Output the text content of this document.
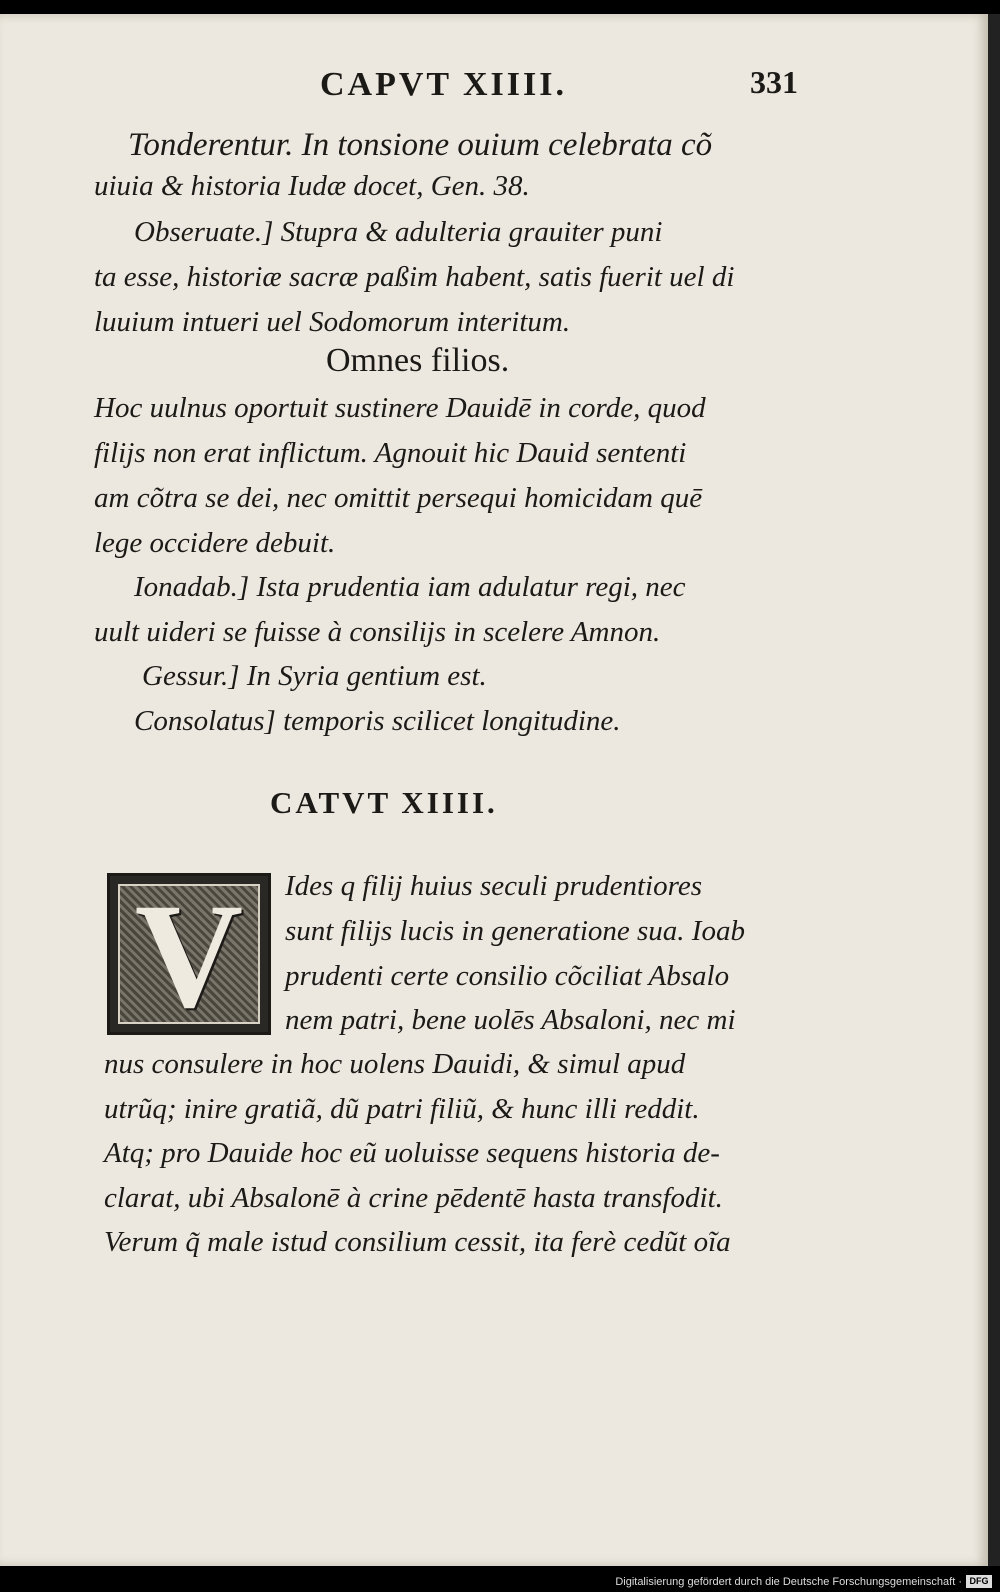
CAPVT XIIII.	331
Tonderentur. In tonsione ouium celebrata cõ
uiuia & historia Iudæ docet, Gen. 38.
Obseruate.] Stupra & adulteria grauiter puni
ta esse, historiæ sacræ paßim habent, satis fuerit uel di
luuium intueri uel Sodomorum interitum.
Omnes filios.
Hoc uulnus oportuit sustinere Dauidē in corde, quod
filijs non erat inflictum. Agnouit hic Dauid sententi
am cõtra se dei, nec omittit persequi homicidam quē
lege occidere debuit.
Ionadab.] Ista prudentia iam adulatur regi, nec
uult uideri se fuisse à consilijs in scelere Amnon.
Gessur.] In Syria gentium est.
Consolatus] temporis scilicet longitudine.
CATVT XIIII.
V	Ides q filij huius seculi prudentiores
sunt filijs lucis in generatione sua. Ioab
prudenti certe consilio cõciliat Absalo
nem patri, bene uolēs Absaloni, nec mi
nus consulere in hoc uolens Dauidi, & simul apud
utrũq; inire gratiã, dũ patri filiũ, & hunc illi reddit.
Atq; pro Dauide hoc eũ uoluisse sequens historia de-
clarat, ubi Absalonē à crine pēdentē hasta transfodit.
Verum q̃ male istud consilium cessit, ita ferè cedũt oĩa
Digitalisierung gefördert durch die Deutsche Forschungsgemeinschaft · DFG
